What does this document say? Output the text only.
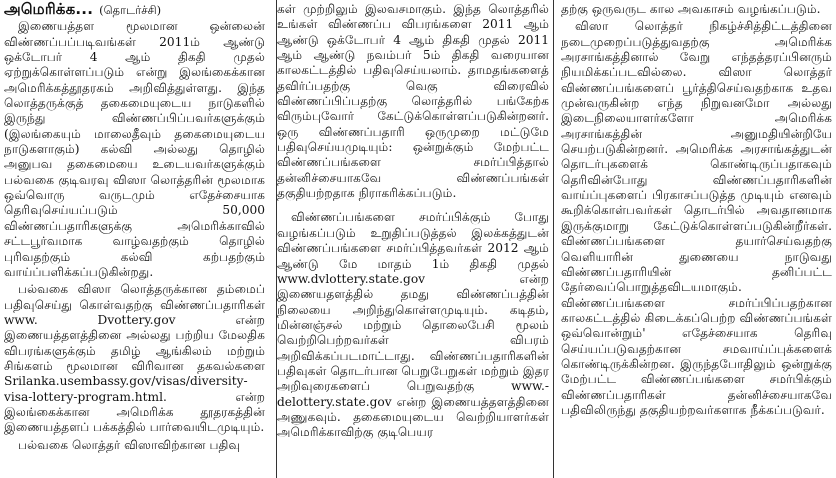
அமெரிக்க... (தொடர்ச்சி)

இணையத்தள மூலமான ஒன்லைன் விண்ணப்பப்படிவங்கள் 2011ம் ஆண்டு ஒக்டோபர் 4 ஆம் திகதி முதல் ஏற்றுக்கொள்ளப்படும் என்று இலங்கைக்கான அமெரிக்கத்தூதரகம் அறிவித்துள்ளது. இந்த லொத்தருக்குத் தகைமையுடைய நாடுகளில் இருந்து விண்ணப்பிப்பவர்களுக்கும் (இலங்கையும் மாலைதீவும் தகைமையுடைய நாடுகளாகும்) கல்வி அல்லது தொழில் அனுபவ தகைமையை உடையவர்களுக்கும் பல்வகை குடிவரவு விஸா லொத்தரின் மூலமாக ஒவ்வொரு வருடமும் எதேச்சையாக தெரிவுசெய்யப்படும் 50,000 விண்ணப்பதாரிகளுக்கு அமெரிக்காவில் சட்டபூர்வமாக வாழ்வதற்கும் தொழில் புரிவதற்கும் கல்வி கற்பதற்கும் வாய்ப்பளிக்கப்படுகின்றது.

பல்வகை விஸா லொத்தருக்கான தம்மைப் பதிவுசெய்து கொள்வதற்கு விண்ணப்பதாரிகள் www. Dvottery.gov என்ற இணையத்தளத்தினை அல்லது பற்றிய மேலதிக விபரங்களுக்கும் தமிழ் ஆங்கிலம் மற்றும் சிங்களம் மூலமான விரிவான தகவல்களை Srilanka.usembassy.gov/visas/diversity-visa-lottery-program.html. என்ற இலங்கைக்கான அமெரிக்க தூதரகத்தின் இணையத்தளப் பக்கத்தில் பார்வையிடமுடியும்.

பல்வகை லொத்தர் விஸாவிற்கான பதிவு

கள் முற்றிலும் இலவசமாகும். இந்த லொத்தரில் உங்கள் விண்ணப்ப விபரங்களை 2011 ஆம் ஆண்டு ஒக்டோபர் 4 ஆம் திகதி முதல் 2011 ஆம் ஆண்டு நவம்பர் 5ம் திகதி வரையான காலகட்டத்தில் பதிவுசெய்யலாம். தாமதங்களைத் தவிர்ப்பதற்கு வெகு விரைவில் விண்ணப்பிப்பதற்கு லொத்தரில் பங்கேற்க விரும்புவோர் கேட்டுக்கொள்ளப்படுகின்றனர். ஒரு விண்ணப்பதாரி ஒருமுறை மட்டுமே பதிவுசெய்யமுடியும்: ஒன்றுக்கும் மேற்பட்ட விண்ணப்பங்களை சமர்ப்பித்தால் தன்னிச்சையாகவே விண்ணப்பங்கள் தகுதியற்றதாக நிராகரிக்கப்படும்.

விண்ணப்பங்களை சமர்ப்பிக்கும் போது வழங்கப்படும் உறுதிப்படுத்தல் இலக்கத்துடன் விண்ணப்பங்களை சமர்ப்பித்தவர்கள் 2012 ஆம் ஆண்டு மே மாதம் 1ம் திகதி முதல் www.dvlottery.state.gov என்ற இணையதளத்தில் தமது விண்ணப்பத்தின் நிலையை அறிந்துகொள்ளமுடியும். கடிதம், மின்னஞ்சல் மற்றும் தொலைபேசி மூலம் வெற்றிபெற்றவர்கள் விபரம் அறிவிக்கப்படமாட்டாது. விண்ணப்பதாரிகளின் பதிவுகள் தொடர்பான பெறுபேறுகள் மற்றும் இதர அறிவுரைகளைப் பெறுவதற்கு www.-delottery.state.gov என்ற இணையத்தளத்தினை அணுகவும். தகைமையுடைய வெற்றியாளர்கள் அமெரிக்காவிற்கு குடிபெயர

தற்கு ஒருவருட கால அவகாசம் வழங்கப்படும்.

விஸா லொத்தர் நிகழ்ச்சித்திட்டத்தினை நடைமுறைப்படுத்துவதற்கு அமெரிக்க அரசாங்கத்தினால் வேறு எந்தத்தரப்பினரும் நியமிக்கப்படவில்லை. விஸா லொத்தர் விண்ணப்பங்களைப் பூர்த்திசெய்வதற்காக உதவ முன்வருகின்ற எந்த நிறுவனமோ அல்லது இடைநிலையாளர்களோ அமெரிக்க அரசாங்கத்தின் அனுமதியின்றியே செயற்படுகின்றனர். அமெரிக்க அரசாங்கத்துடன் தொடர்புகளைக் கொண்டிருப்பதாகவும் தெரிவின்போது விண்ணப்பதாரிகளின் வாய்ப்புகளைப் பிரகாசப்படுத்த முடியும் எனவும் கூறிக்கொள்பவர்கள் தொடர்பில் அவதானமாக இருக்குமாறு கேட்டுக்கொள்ளப்படுகின்றீர்கள். விண்ணப்பங்களை தயார்செய்வதற்கு வெளியாரின் துணையை நாடுவது விண்ணப்பதாரியின் தனிப்பட்ட தேர்வைப்பொறுத்தவிடயமாகும். விண்ணப்பங்களை சமர்ப்பிப்பதற்கான காலகட்டத்தில் கிடைக்கப்பெற்ற விண்ணப்பங்கள் ஒவ்வொன்றும்' எதேச்சையாக தெரிவு செய்யப்படுவதற்கான சமவாய்ப்புக்களைக் கொண்டிருக்கின்றன. இருந்தபோதிலும் ஒன்றுக்கு மேற்பட்ட விண்ணப்பங்களை சமர்பிக்கும் விண்ணப்பதாரிகள் தன்னிச்சையாகவே பதிவிலிருந்து தகுதியற்றவர்களாக நீக்கப்படுவர்.
